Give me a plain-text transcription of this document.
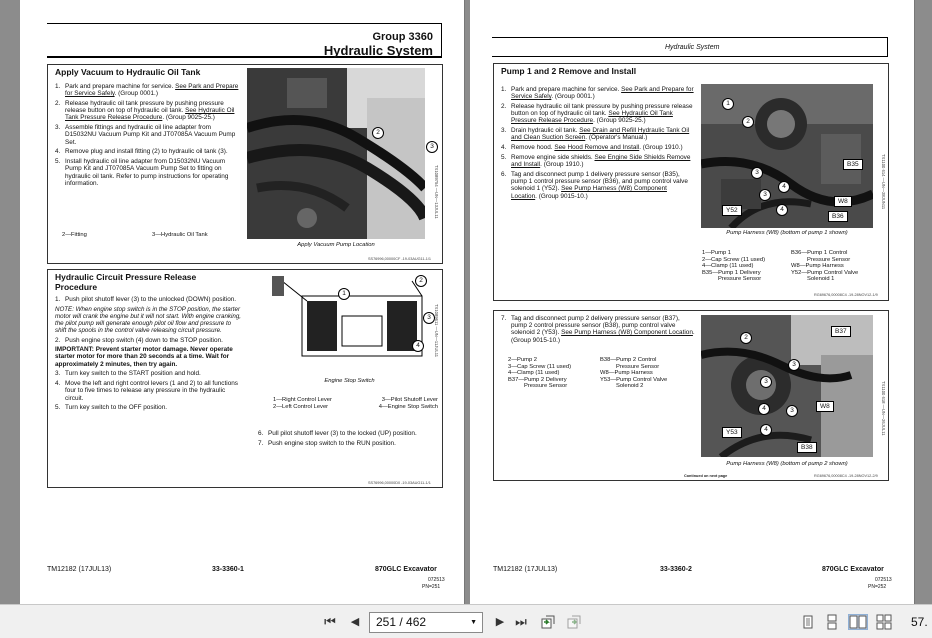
Group 3360
Hydraulic System
Apply Vacuum to Hydraulic Oil Tank
1. Park and prepare machine for service. See Park and Prepare for Service Safely. (Group 0001.)
2. Release hydraulic oil tank pressure by pushing pressure release button on top of hydraulic oil tank. See Hydraulic Oil Tank Pressure Release Procedure. (Group 9025-25.)
3. Assemble fittings and hydraulic oil line adapter from D15032NU Vacuum Pump Kit and JT07085A Vacuum Pump Set.
4. Remove plug and install fitting (2) to hydraulic oil tank (3).
5. Install hydraulic oil line adapter from D15032NU Vacuum Pump Kit and JT07085A Vacuum Pump Set to fitting on hydraulic oil tank. Refer to pump instructions for operating information.
2—Fitting	3—Hydraulic Oil Tank
2
3
Apply Vacuum Pump Location
SS76996,00000CF -19-03AUG11-1/1
TX1089754 —UN—13JUL11
Hydraulic Circuit Pressure Release Procedure
1. Push pilot shutoff lever (3) to the unlocked (DOWN) position.
NOTE: When engine stop switch is in the STOP position, the starter motor will crank the engine but it will not start. With engine cranking, the pilot pump will generate enough pilot oil flow and pressure to shift the spools in the control valve releasing circuit pressure.
2. Push engine stop switch (4) down to the STOP position.
IMPORTANT: Prevent starter motor damage. Never operate starter motor for more than 20 seconds at a time. Wait for approximately 2 minutes, then try again.
3. Turn key switch to the START position and hold.
4. Move the left and right control levers (1 and 2) to all functions four to five times to release any pressure in the hydraulic circuit.
5. Turn key switch to the OFF position.
1
2
3
4
Engine Stop Switch
1—Right Control Lever	3—Pilot Shutoff Lever
2—Left Control Lever	4—Engine Stop Switch
6. Pull pilot shutoff lever (3) to the locked (UP) position.
7. Push engine stop switch to the RUN position.
SS76996,00000D0 -19-03AUG11-1/1
TX1089611 —UN—11JUL11
TM12182 (17JUL13)	33-3360-1	870GLC Excavator
072513
PN=251
Hydraulic System
Pump 1 and 2 Remove and Install
1. Park and prepare machine for service. See Park and Prepare for Service Safely. (Group 0001.)
2. Release hydraulic oil tank pressure by pushing pressure release button on top of hydraulic oil tank. See Hydraulic Oil Tank Pressure Release Procedure. (Group 9025-25.)
3. Drain hydraulic oil tank. See Drain and Refill Hydraulic Tank Oil and Clean Suction Screen. (Operator's Manual.)
4. Remove hood. See Hood Remove and Install. (Group 1910.)
5. Remove engine side shields. See Engine Side Shields Remove and Install. (Group 1910.)
6. Tag and disconnect pump 1 delivery pressure sensor (B35), pump 1 control pressure sensor (B36), and pump control valve solenoid 1 (Y52). See Pump Harness (W8) Component Location. (Group 9015-10.)
1
2
3
3
4
4
B35
W8
B36
Y52
Pump Harness (W8) (bottom of pump 1 shown)
1—Pump 1
2—Cap Screw (11 used)
4—Clamp (11 used)
B35—Pump 1 Delivery
Pressure Sensor
B36—Pump 1 Control
Pressure Sensor
W8—Pump Harness
Y52—Pump Control Valve
Solenoid 1
RG69676,00008C4 -19-28NOV12-1/9
TX1100 614 —UN—28JUN11
7. Tag and disconnect pump 2 delivery pressure sensor (B37), pump 2 control pressure sensor (B38), pump control valve solenoid 2 (Y53). See Pump Harness (W8) Component Location. (Group 9015-10.)
2—Pump 2
3—Cap Screw (11 used)
4—Clamp (11 used)
B37—Pump 2 Delivery
Pressure Sensor
B38—Pump 2 Control
Pressure Sensor
W8—Pump Harness
Y53—Pump Control Valve
Solenoid 2
2
3
3
4	3
4
B37
W8
Y53
B38
Pump Harness (W8) (bottom of pump 2 shown)
Continued on next page	RG69676,00008C4 -19-28NOV12-2/9
TX1100 618 —UN—26JUL11
TM12182 (17JUL13)	33-3360-2	870GLC Excavator
072513
PN=252
⏮	◀	251 / 462	▼	▶ ⏭	57.
